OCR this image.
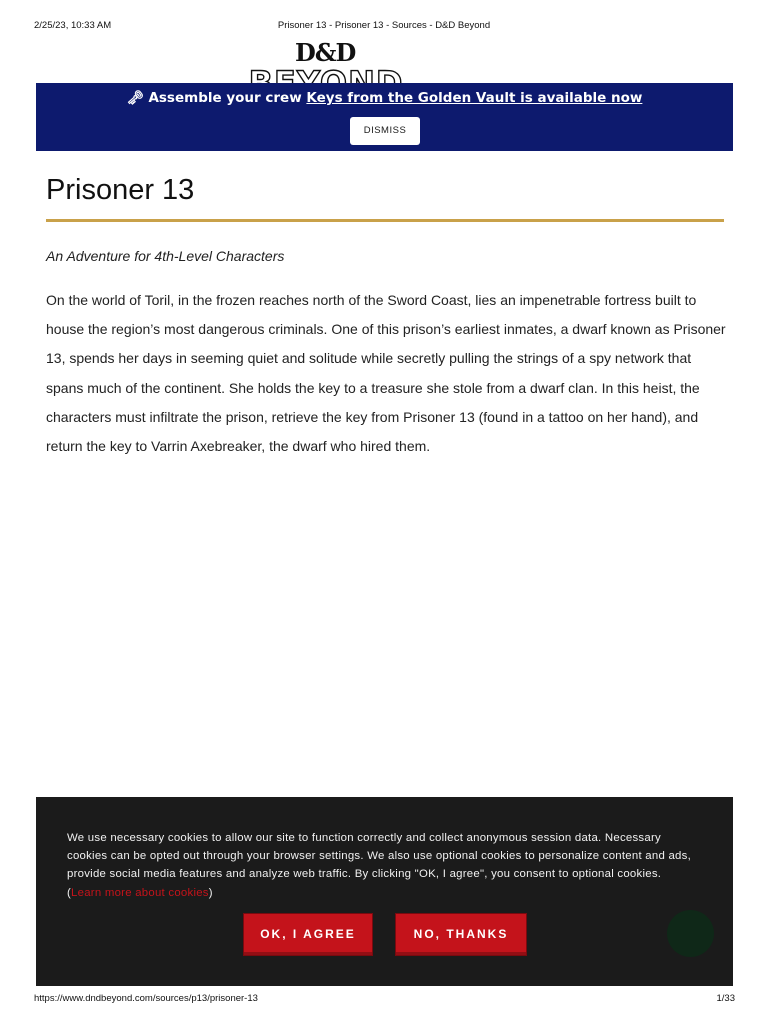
2/25/23, 10:33 AM	Prisoner 13 - Prisoner 13 - Sources - D&D Beyond
D&D
🗝 Assemble your crew Keys from the Golden Vault is available now
DISMISS
Prisoner 13
An Adventure for 4th-Level Characters

On the world of Toril, in the frozen reaches north of the Sword Coast, lies an impenetrable fortress built to house the region’s most dangerous criminals. One of this prison’s earliest inmates, a dwarf known as Prisoner 13, spends her days in seeming quiet and solitude while secretly pulling the strings of a spy network that spans much of the continent. She holds the key to a treasure she stole from a dwarf clan. In this heist, the characters must infiltrate the prison, retrieve the key from Prisoner 13 (found in a tattoo on her hand), and return the key to Varrin Axebreaker, the dwarf who hired them.

We use necessary cookies to allow our site to function correctly and collect anonymous session data. Necessary cookies can be opted out through your browser settings. We also use optional cookies to personalize content and ads, provide social media features and analyze web traffic. By clicking "OK, I agree", you consent to optional cookies. (Learn more about cookies)

OK, I AGREE	NO, THANKS
https://www.dndbeyond.com/sources/p13/prisoner-13	1/33
